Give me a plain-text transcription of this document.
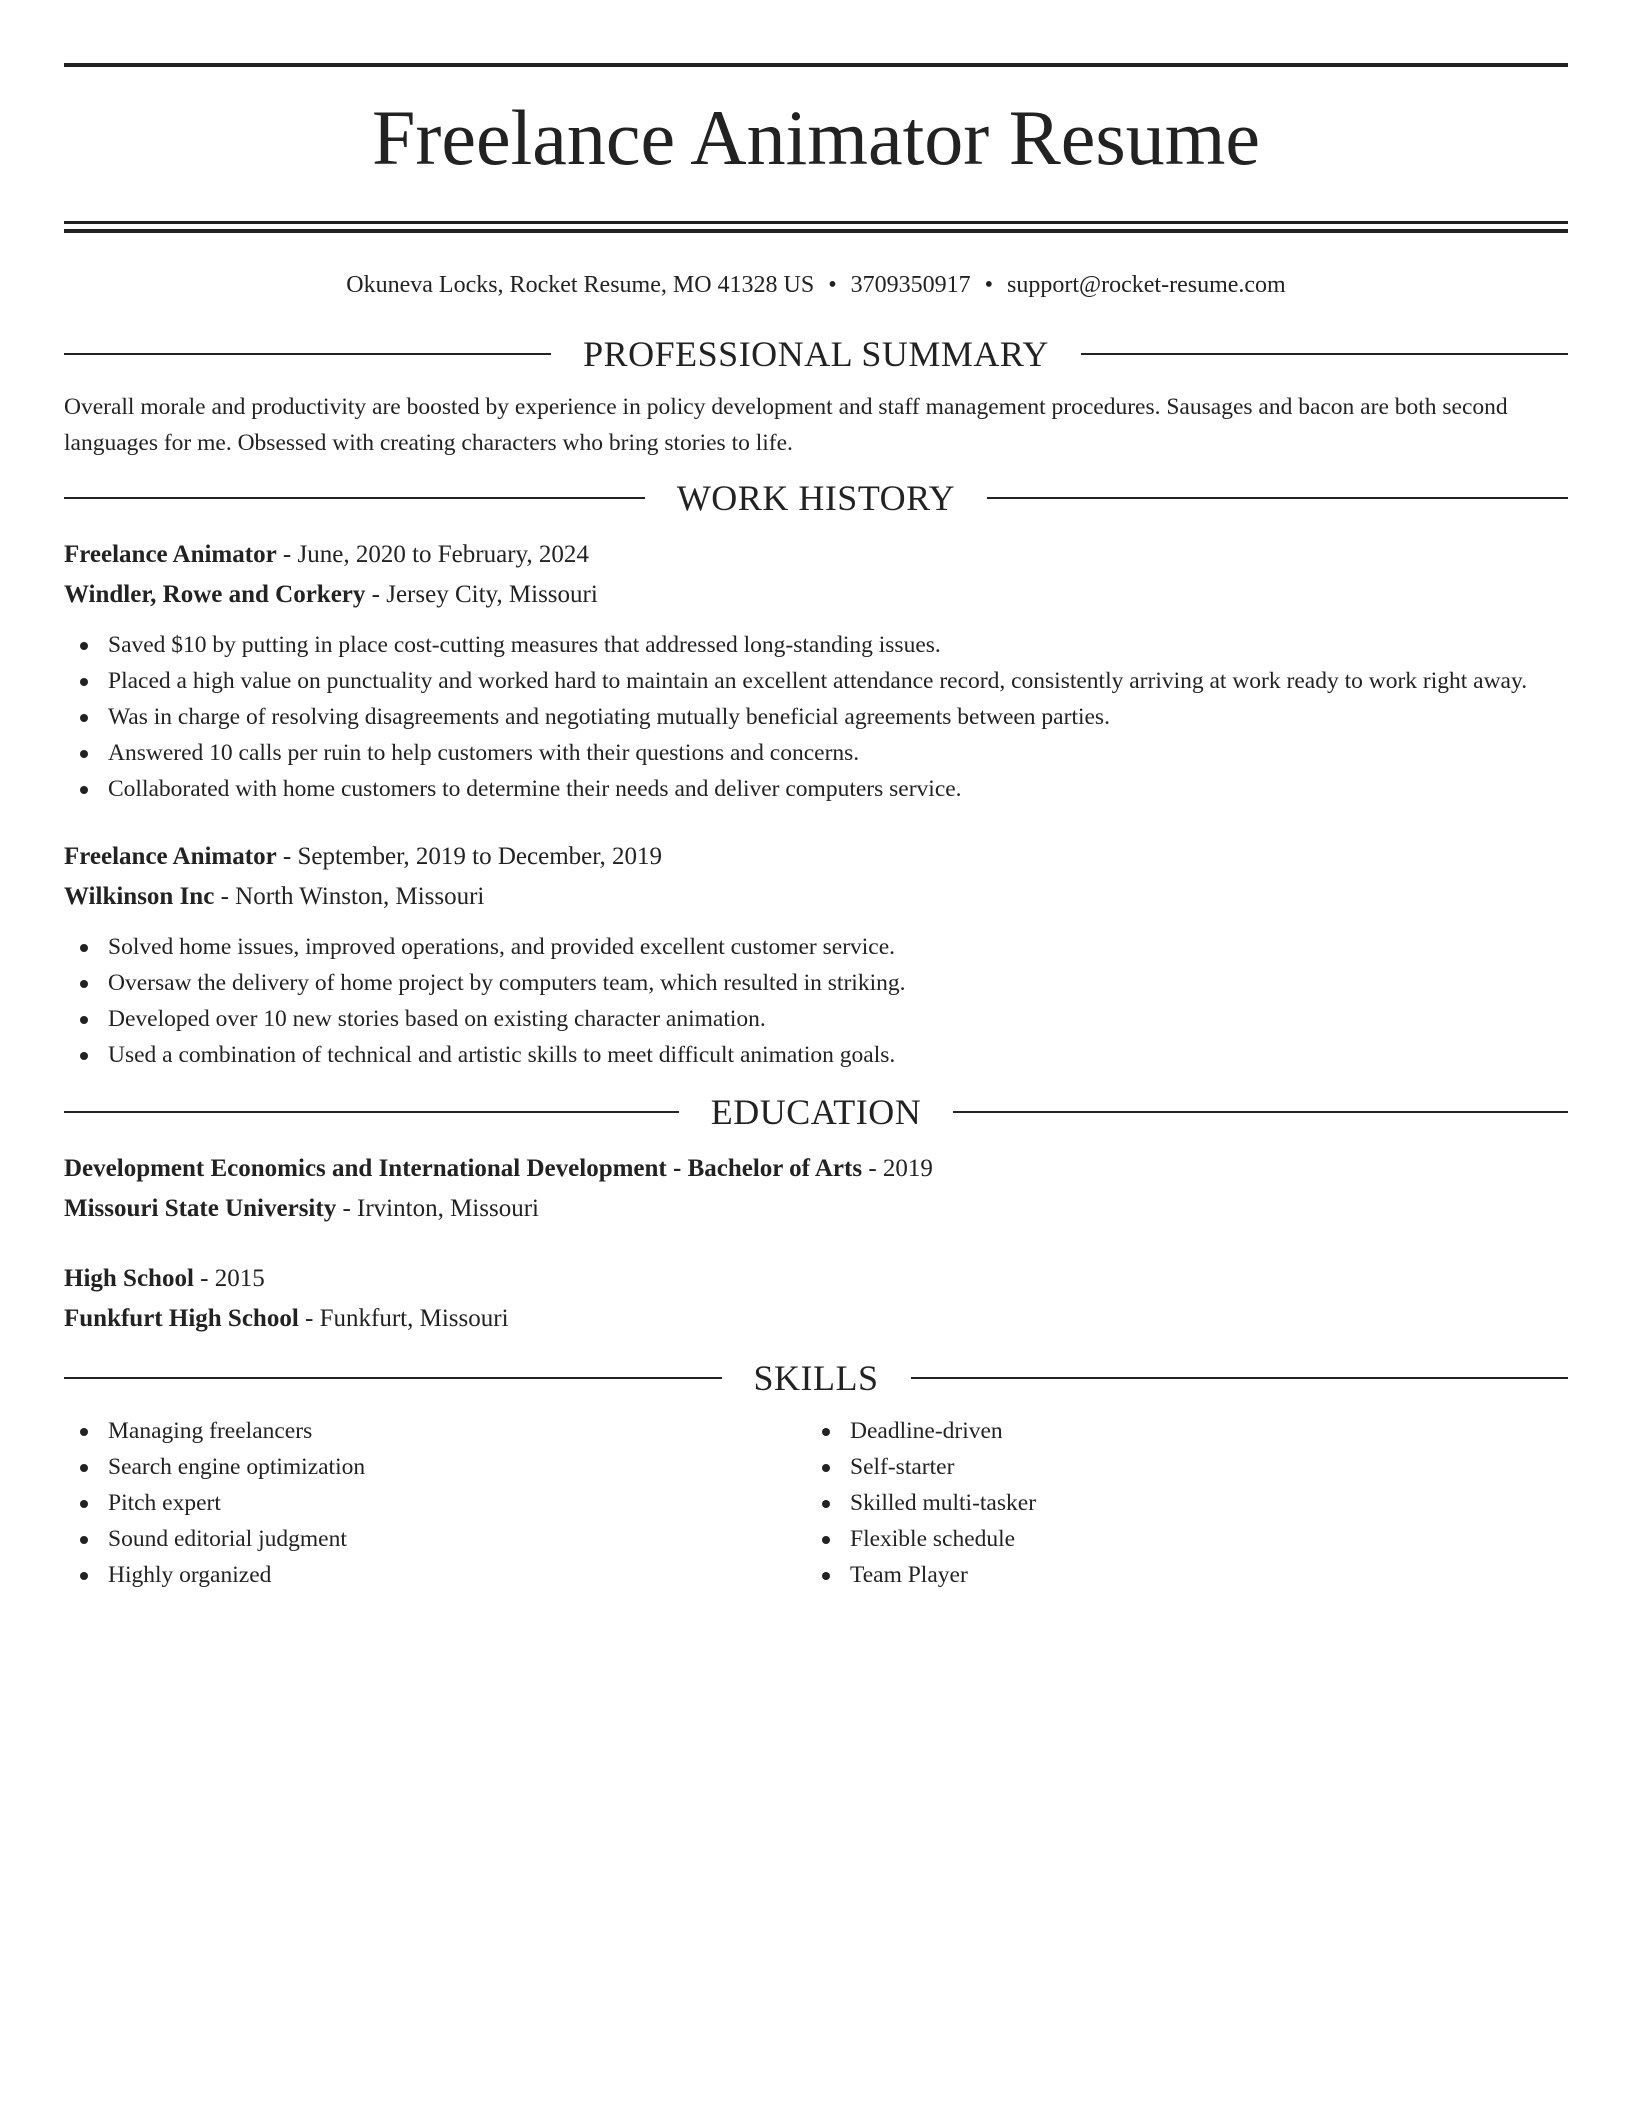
Freelance Animator Resume
Okuneva Locks, Rocket Resume, MO 41328 US • 3709350917 • support@rocket-resume.com
PROFESSIONAL SUMMARY

Overall morale and productivity are boosted by experience in policy development and staff management procedures. Sausages and bacon are both second languages for me. Obsessed with creating characters who bring stories to life.

WORK HISTORY
Freelance Animator - June, 2020 to February, 2024
Windler, Rowe and Corkery - Jersey City, Missouri
Saved $10 by putting in place cost-cutting measures that addressed long-standing issues.
Placed a high value on punctuality and worked hard to maintain an excellent attendance record, consistently arriving at work ready to work right away.
Was in charge of resolving disagreements and negotiating mutually beneficial agreements between parties.
Answered 10 calls per ruin to help customers with their questions and concerns.
Collaborated with home customers to determine their needs and deliver computers service.
Freelance Animator - September, 2019 to December, 2019
Wilkinson Inc - North Winston, Missouri
Solved home issues, improved operations, and provided excellent customer service.
Oversaw the delivery of home project by computers team, which resulted in striking.
Developed over 10 new stories based on existing character animation.
Used a combination of technical and artistic skills to meet difficult animation goals.
EDUCATION
Development Economics and International Development - Bachelor of Arts - 2019
Missouri State University - Irvinton, Missouri
High School - 2015
Funkfurt High School - Funkfurt, Missouri
SKILLS
Managing freelancers
Search engine optimization
Pitch expert
Sound editorial judgment
Highly organized
Deadline-driven
Self-starter
Skilled multi-tasker
Flexible schedule
Team Player
